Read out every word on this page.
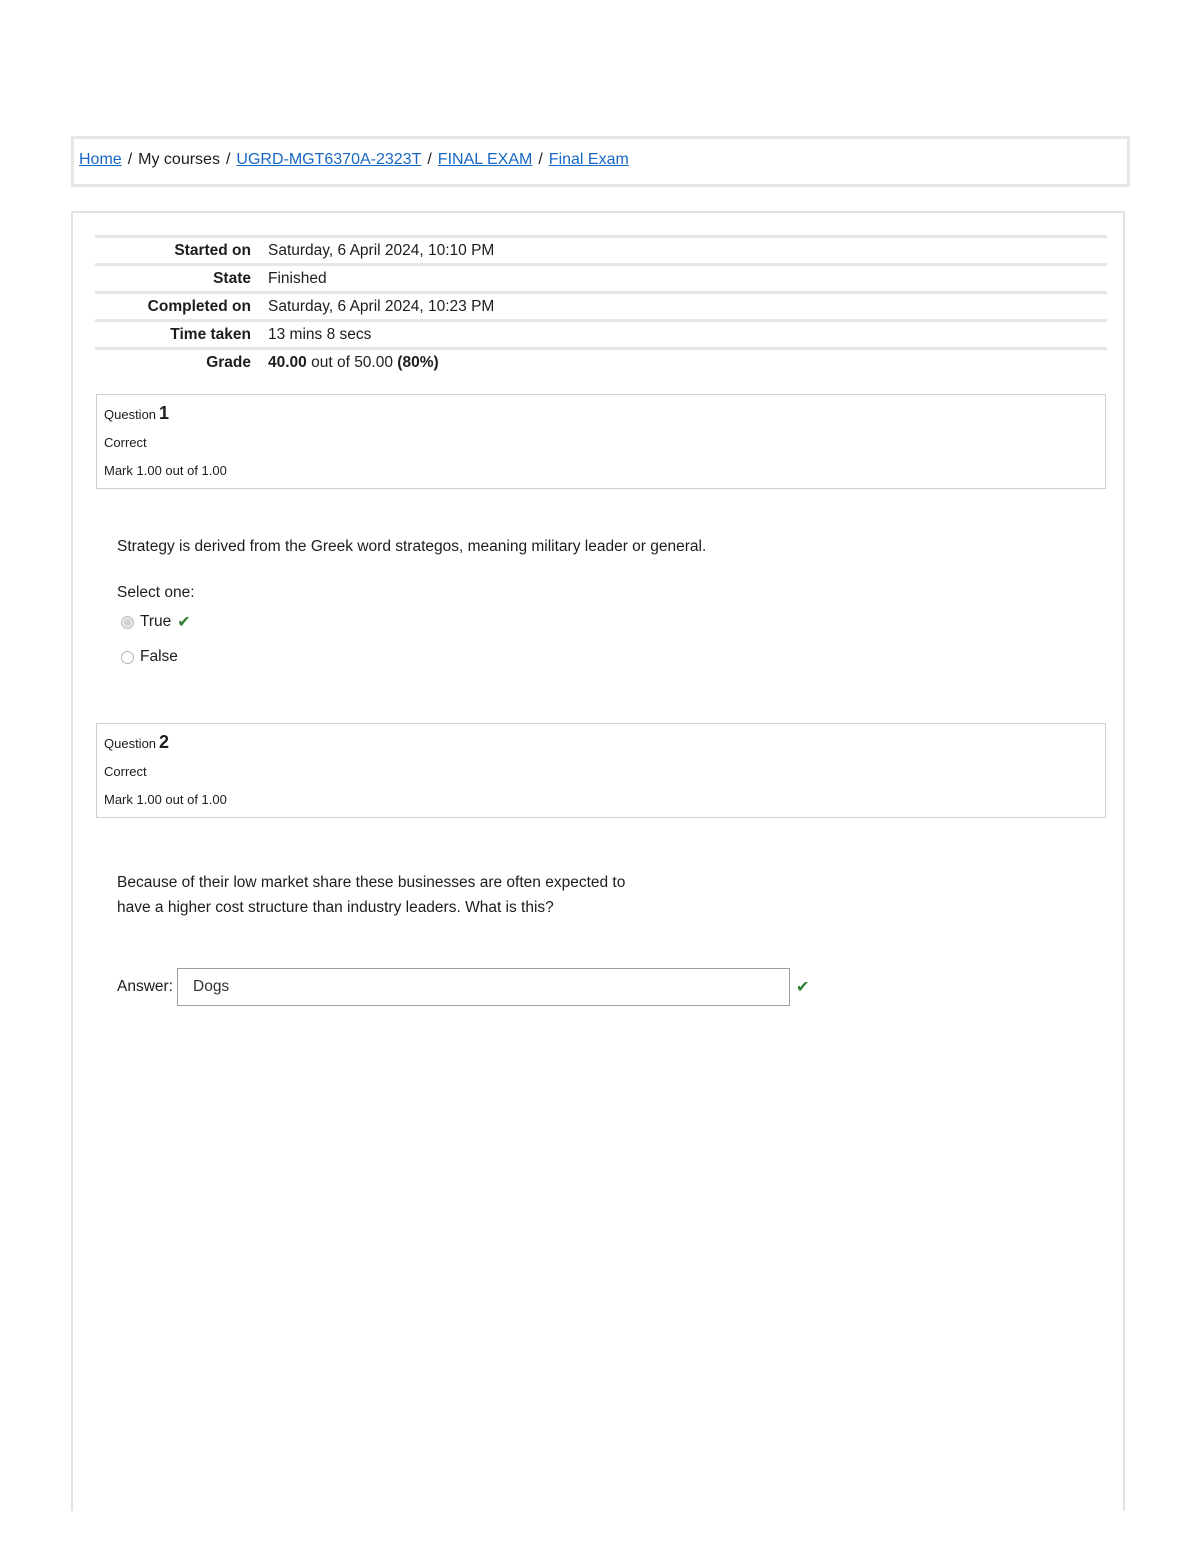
Home / My courses / UGRD-MGT6370A-2323T / FINAL EXAM / Final Exam
Started on	Saturday, 6 April 2024, 10:10 PM
State	Finished
Completed on	Saturday, 6 April 2024, 10:23 PM
Time taken	13 mins 8 secs
Grade	40.00 out of 50.00 (80%)
Question 1
Correct
Mark 1.00 out of 1.00
Strategy is derived from the Greek word strategos, meaning military leader or general.
Select one:
True ✔
False
Question 2
Correct
Mark 1.00 out of 1.00
Because of their low market share these businesses are often expected to
have a higher cost structure than industry leaders. What is this?
Answer:	Dogs	✔
